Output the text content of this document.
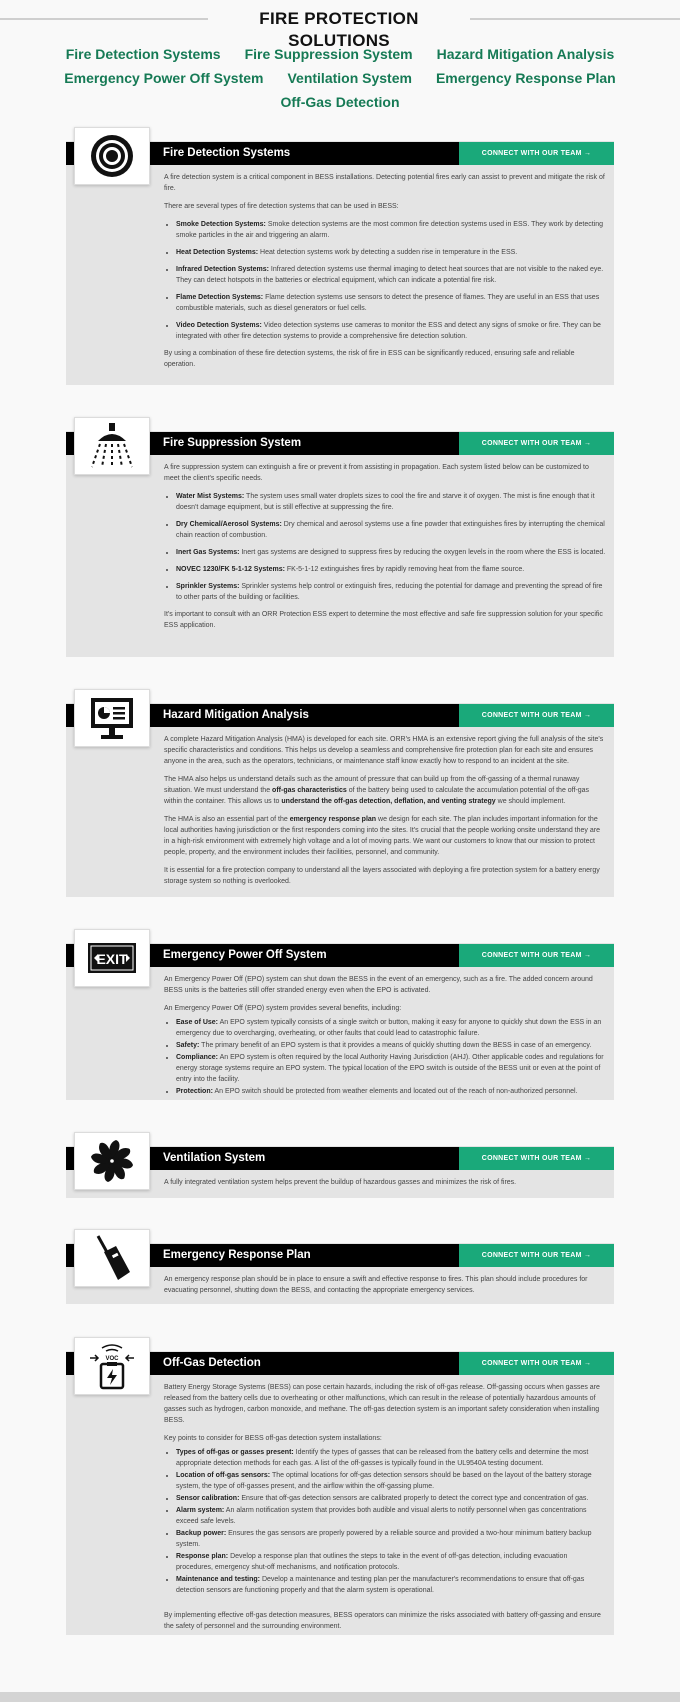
FIRE PROTECTION SOLUTIONS
Fire Detection Systems Fire Suppression System Hazard Mitigation Analysis
Emergency Power Off System Ventilation System Emergency Response Plan
Off-Gas Detection
Fire Detection Systems	CONNECT WITH OUR TEAM →

A fire detection system is a critical component in BESS installations. Detecting potential fires early can assist to prevent and mitigate the risk of fire.

There are several types of fire detection systems that can be used in BESS:

• Smoke Detection Systems: Smoke detection systems are the most common fire detection systems used in ESS. They work by detecting smoke particles in the air and triggering an alarm.
• Heat Detection Systems: Heat detection systems work by detecting a sudden rise in temperature in the ESS.
• Infrared Detection Systems: Infrared detection systems use thermal imaging to detect heat sources that are not visible to the naked eye. They can detect hotspots in the batteries or electrical equipment, which can indicate a potential fire risk.
• Flame Detection Systems: Flame detection systems use sensors to detect the presence of flames. They are useful in an ESS that uses combustible materials, such as diesel generators or fuel cells.
• Video Detection Systems: Video detection systems use cameras to monitor the ESS and detect any signs of smoke or fire. They can be integrated with other fire detection systems to provide a comprehensive fire detection solution.

By using a combination of these fire detection systems, the risk of fire in ESS can be significantly reduced, ensuring safe and reliable operation.

Fire Suppression System	CONNECT WITH OUR TEAM →

A fire suppression system can extinguish a fire or prevent it from assisting in propagation. Each system listed below can be customized to meet the client's specific needs.

• Water Mist Systems: The system uses small water droplets sizes to cool the fire and starve it of oxygen. The mist is fine enough that it doesn't damage equipment, but is still effective at suppressing the fire.
• Dry Chemical/Aerosol Systems: Dry chemical and aerosol systems use a fine powder that extinguishes fires by interrupting the chemical chain reaction of combustion.
• Inert Gas Systems: Inert gas systems are designed to suppress fires by reducing the oxygen levels in the room where the ESS is located.
• NOVEC 1230/FK 5-1-12 Systems: FK-5-1-12 extinguishes fires by rapidly removing heat from the flame source.
• Sprinkler Systems: Sprinkler systems help control or extinguish fires, reducing the potential for damage and preventing the spread of fire to other parts of the building or facilities.

It's important to consult with an ORR Protection ESS expert to determine the most effective and safe fire suppression solution for your specific ESS application.

Hazard Mitigation Analysis	CONNECT WITH OUR TEAM →

A complete Hazard Mitigation Analysis (HMA) is developed for each site. ORR's HMA is an extensive report giving the full analysis of the site's specific characteristics and conditions. This helps us develop a seamless and comprehensive fire protection plan for each site and ensures anyone in the area, such as the operators, technicians, or maintenance staff know exactly how to respond to an incident at the site.

The HMA also helps us understand details such as the amount of pressure that can build up from the off-gassing of a thermal runaway situation. We must understand the off-gas characteristics of the battery being used to calculate the accumulation potential of the off-gas within the container. This allows us to understand the off-gas detection, deflation, and venting strategy we should implement.

The HMA is also an essential part of the emergency response plan we design for each site. The plan includes important information for the local authorities having jurisdiction or the first responders coming into the sites. It's crucial that the people working onsite understand they are in a high-risk environment with extremely high voltage and a lot of moving parts. We want our customers to know that our mission to protect people, property, and the environment includes their facilities, personnel, and community.

It is essential for a fire protection company to understand all the layers associated with deploying a fire protection system for a battery energy storage system so nothing is overlooked.

EXIT	Emergency Power Off System	CONNECT WITH OUR TEAM →

An Emergency Power Off (EPO) system can shut down the BESS in the event of an emergency, such as a fire. The added concern around BESS units is the batteries still offer stranded energy even when the EPO is activated.

An Emergency Power Off (EPO) system provides several benefits, including:

• Ease of Use: An EPO system typically consists of a single switch or button, making it easy for anyone to quickly shut down the ESS in an emergency due to overcharging, overheating, or other faults that could lead to catastrophic failure.
• Safety: The primary benefit of an EPO system is that it provides a means of quickly shutting down the BESS in case of an emergency.
• Compliance: An EPO system is often required by the local Authority Having Jurisdiction (AHJ). Other applicable codes and regulations for energy storage systems require an EPO system. The typical location of the EPO switch is outside of the BESS unit or even at the point of entry into the facility.
• Protection: An EPO switch should be protected from weather elements and located out of the reach of non-authorized personnel.
Ventilation System	CONNECT WITH OUR TEAM →

A fully integrated ventilation system helps prevent the buildup of hazardous gasses and minimizes the risk of fires.

Emergency Response Plan	CONNECT WITH OUR TEAM →

An emergency response plan should be in place to ensure a swift and effective response to fires. This plan should include procedures for evacuating personnel, shutting down the BESS, and contacting the appropriate emergency services.

VOC	Off-Gas Detection	CONNECT WITH OUR TEAM →

Battery Energy Storage Systems (BESS) can pose certain hazards, including the risk of off-gas release. Off-gassing occurs when gasses are released from the battery cells due to overheating or other malfunctions, which can result in the release of potentially hazardous amounts of gasses such as hydrogen, carbon monoxide, and methane. The off-gas detection system is an important safety consideration when installing BESS.

Key points to consider for BESS off-gas detection system installations:

• Types of off-gas or gasses present: Identify the types of gasses that can be released from the battery cells and determine the most appropriate detection methods for each gas. A list of the off-gasses is typically found in the UL9540A testing document.
• Location of off-gas sensors: The optimal locations for off-gas detection sensors should be based on the layout of the battery storage system, the type of off-gasses present, and the airflow within the off-gassing plume.
• Sensor calibration: Ensure that off-gas detection sensors are calibrated properly to detect the correct type and concentration of gas.
• Alarm system: An alarm notification system that provides both audible and visual alerts to notify personnel when gas concentrations exceed safe levels.
• Backup power: Ensures the gas sensors are properly powered by a reliable source and provided a two-hour minimum battery backup system.
• Response plan: Develop a response plan that outlines the steps to take in the event of off-gas detection, including evacuation procedures, emergency shut-off mechanisms, and notification protocols.
• Maintenance and testing: Develop a maintenance and testing plan per the manufacturer's recommendations to ensure that off-gas detection sensors are functioning properly and that the alarm system is operational.

By implementing effective off-gas detection measures, BESS operators can minimize the risks associated with battery off-gassing and ensure the safety of personnel and the surrounding environment.
